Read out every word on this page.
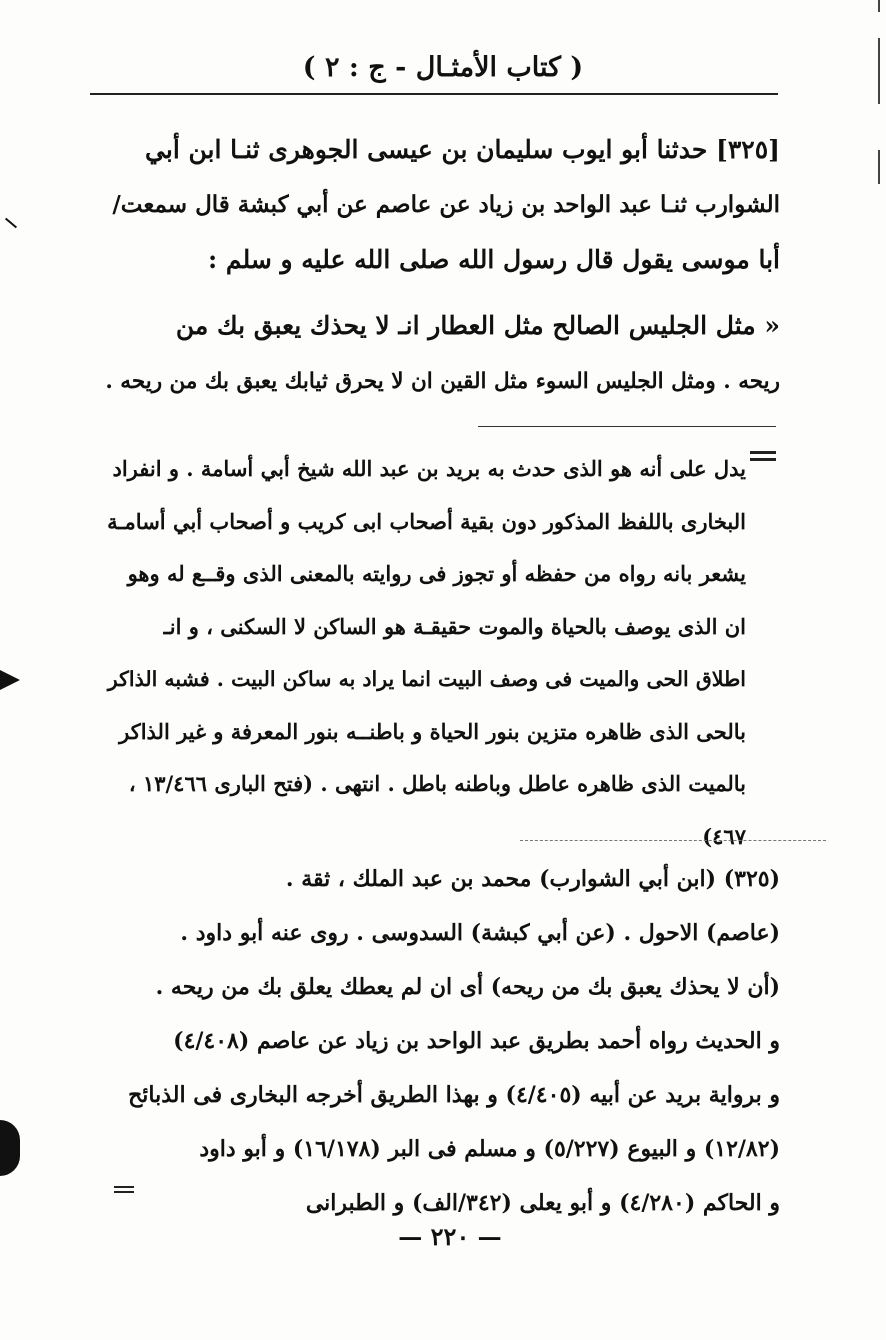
( كتاب الأمثـال - ج : ٢ )
[٣٢٥] حدثنا أبو ايوب سليمان بن عيسى الجوهرى ثنـا ابن أبي
الشوارب ثنـا عبد الواحد بن زياد عن عاصم عن أبي كبشة قال سمعت/
أبا موسى يقول قال رسول الله صلى الله عليه و سلم :
« مثل الجليس الصالح مثل العطار انـ لا يحذك يعبق بك من
ريحه . ومثل الجليس السوء مثل القين ان لا يحرق ثيابك يعبق بك من ريحه .
يدل على أنه هو الذى حدث به بريد بن عبد الله شيخ أبي أسامة . و انفراد
البخارى باللفظ المذكور دون بقية أصحاب ابى كريب و أصحاب أبي أسامـة
يشعر بانه رواه من حفظه أو تجوز فى روايته بالمعنى الذى وقــع له وهو
ان الذى يوصف بالحياة والموت حقيقـة هو الساكن لا السكنى ، و انـ
اطلاق الحى والميت فى وصف البيت انما يراد به ساكن البيت . فشبه الذاكر
بالحى الذى ظاهره متزين بنور الحياة و باطنــه بنور المعرفة و غير الذاكر
بالميت الذى ظاهره عاطل وباطنه باطل . انتهى . (فتح البارى ١٣/٤٦٦ ،
٤٦٧)
(٣٢٥) (ابن أبي الشوارب) محمد بن عبد الملك ، ثقة .
(عاصم) الاحول . (عن أبي كبشة) السدوسى . روى عنه أبو داود .
(أن لا يحذك يعبق بك من ريحه) أى ان لم يعطك يعلق بك من ريحه .
و الحديث رواه أحمد بطريق عبد الواحد بن زياد عن عاصم (٤/٤٠٨)
و برواية بريد عن أبيه (٤/٤٠٥) و بهذا الطريق أخرجه البخارى فى الذبائح
(١٢/٨٢) و البيوع (٥/٢٢٧) و مسلم فى البر (١٦/١٧٨) و أبو داود
و الحاكم (٤/٢٨٠) و أبو يعلى (٣٤٢/الف) و الطبرانى
— ٢٢٠ —
